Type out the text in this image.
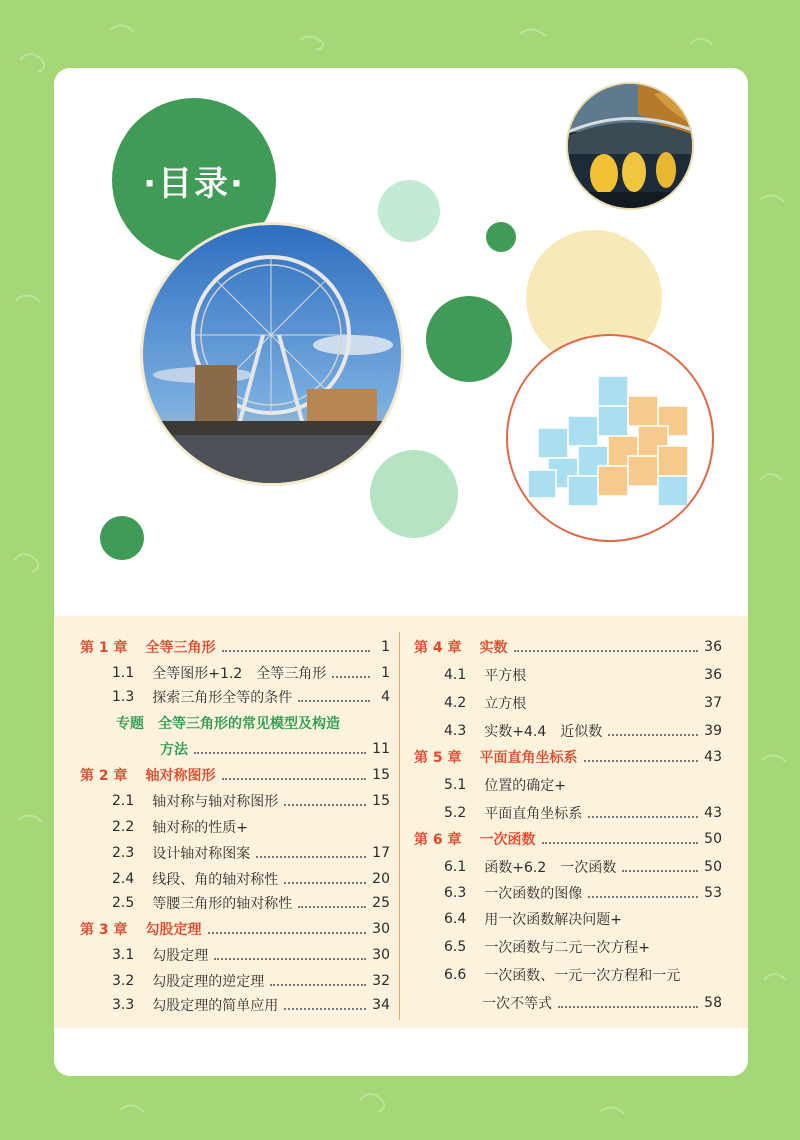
·目录·
第 1 章 全等三角形	1
1.1 全等图形+1.2　全等三角形	1
1.3 探索三角形全等的条件	4
专题 全等三角形的常见模型及构造
方法	11
第 2 章 轴对称图形	15
2.1 轴对称与轴对称图形	15
2.2 轴对称的性质+
2.3 设计轴对称图案	17
2.4 线段、角的轴对称性	20
2.5 等腰三角形的轴对称性	25
第 3 章 勾股定理	30
3.1 勾股定理	30
3.2 勾股定理的逆定理	32
3.3 勾股定理的简单应用	34
第 4 章 实数	36
4.1 平方根	36
4.2 立方根	37
4.3 实数+4.4　近似数	39
第 5 章 平面直角坐标系	43
5.1 位置的确定+
5.2 平面直角坐标系	43
第 6 章 一次函数	50
6.1 函数+6.2　一次函数	50
6.3 一次函数的图像	53
6.4 用一次函数解决问题+
6.5 一次函数与二元一次方程+
6.6 一次函数、一元一次方程和一元
一次不等式	58
